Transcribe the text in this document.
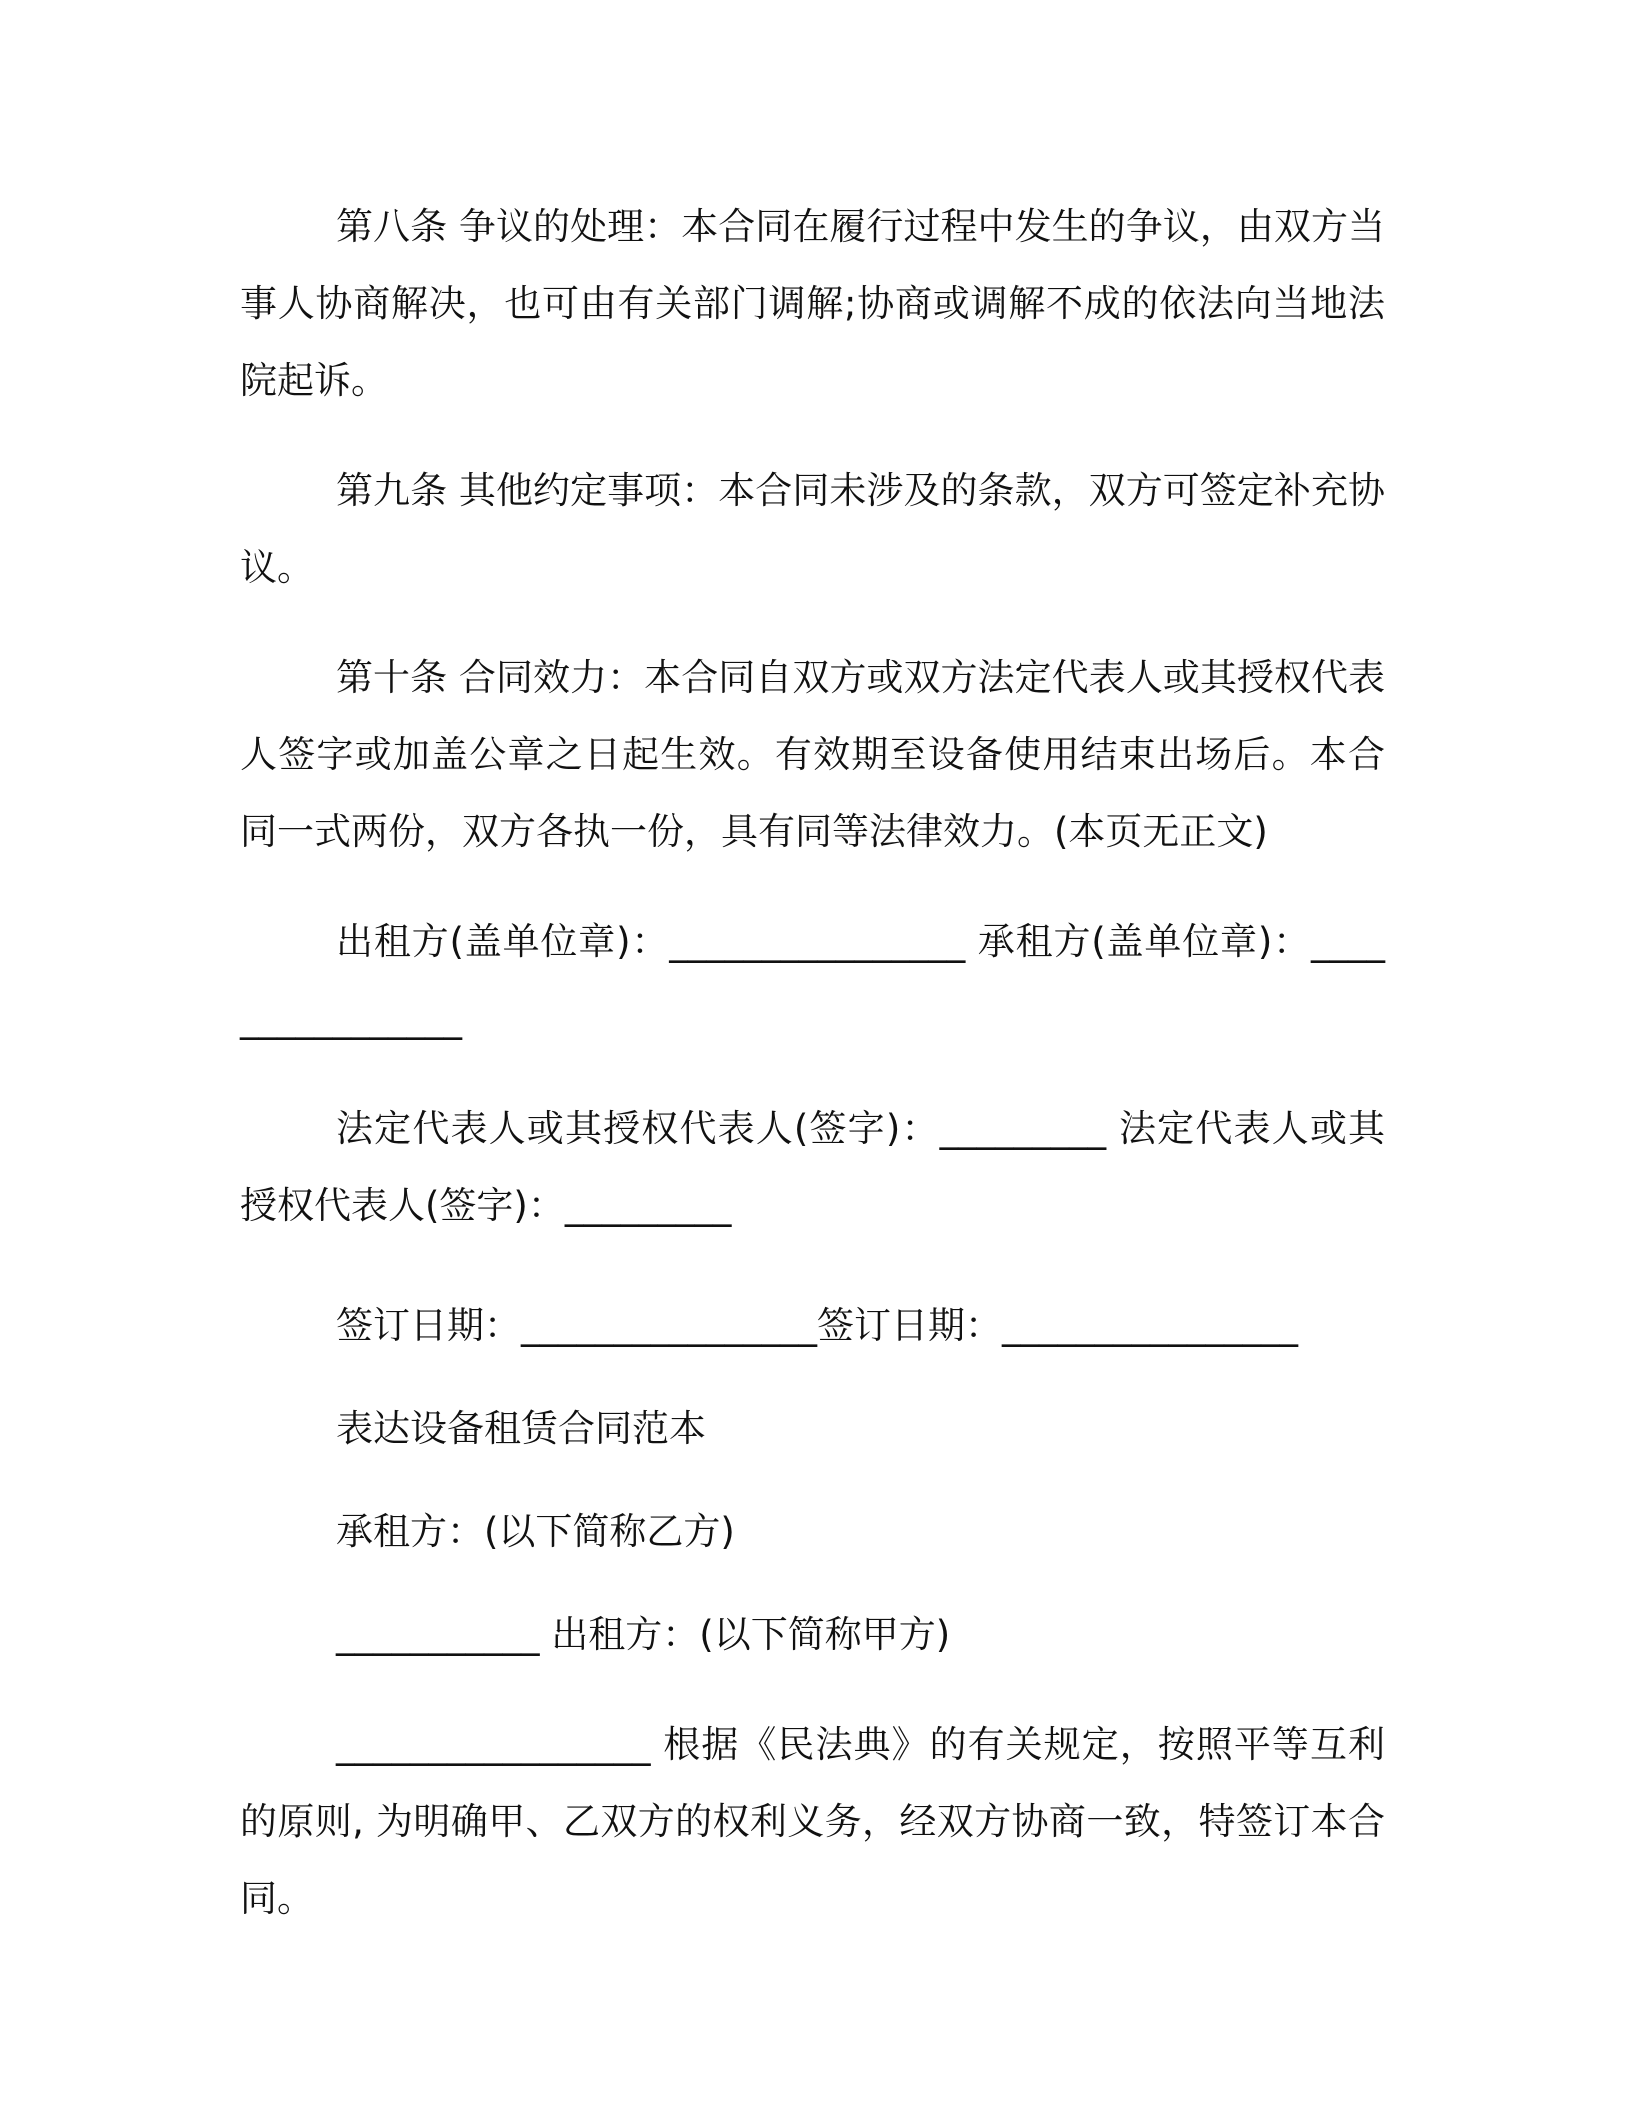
第八条 争议的处理：本合同在履行过程中发生的争议，由双方当事人协商解决，也可由有关部门调解;协商或调解不成的依法向当地法院起诉。

第九条 其他约定事项：本合同未涉及的条款，双方可签定补充协议。

第十条 合同效力：本合同自双方或双方法定代表人或其授权代表人签字或加盖公章之日起生效。有效期至设备使用结束出场后。本合同一式两份，双方各执一份，具有同等法律效力。(本页无正文)

出租方(盖单位章)：________________ 承租方(盖单位章)：________________

法定代表人或其授权代表人(签字)：_________ 法定代表人或其授权代表人(签字)：_________

签订日期：________________签订日期：________________

表达设备租赁合同范本

承租方：(以下简称乙方)

___________ 出租方：(以下简称甲方)

_________________ 根据《民法典》的有关规定，按照平等互利的原则, 为明确甲、乙双方的权利义务，经双方协商一致，特签订本合同。
